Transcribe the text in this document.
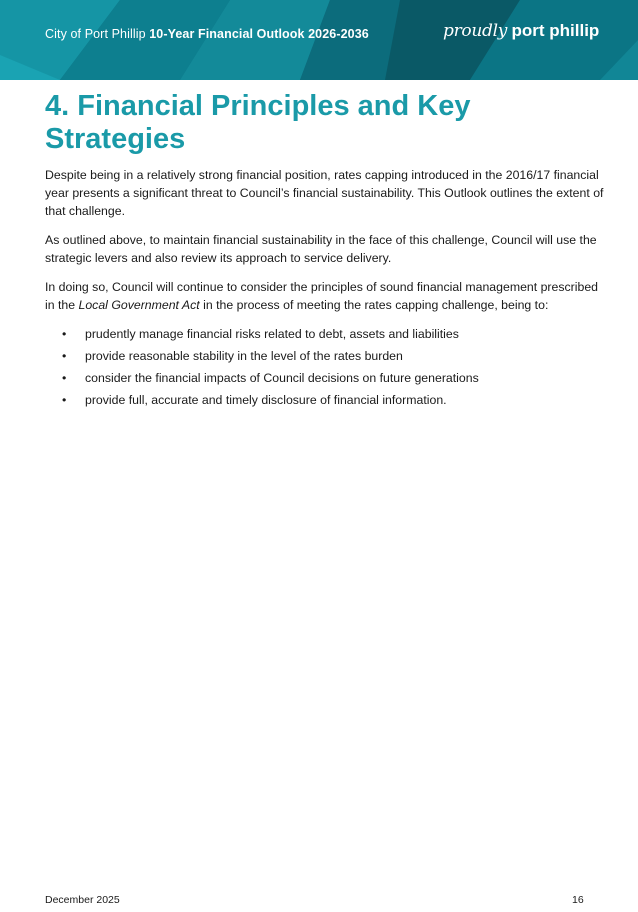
City of Port Phillip 10-Year Financial Outlook 2026-2036	proudly port phillip
4. Financial Principles and Key Strategies

Despite being in a relatively strong financial position, rates capping introduced in the 2016/17 financial year presents a significant threat to Council’s financial sustainability. This Outlook outlines the extent of that challenge.

As outlined above, to maintain financial sustainability in the face of this challenge, Council will use the strategic levers and also review its approach to service delivery.

In doing so, Council will continue to consider the principles of sound financial management prescribed in the Local Government Act in the process of meeting the rates capping challenge, being to:

• prudently manage financial risks related to debt, assets and liabilities
• provide reasonable stability in the level of the rates burden
• consider the financial impacts of Council decisions on future generations
• provide full, accurate and timely disclosure of financial information.
December 2025	16
